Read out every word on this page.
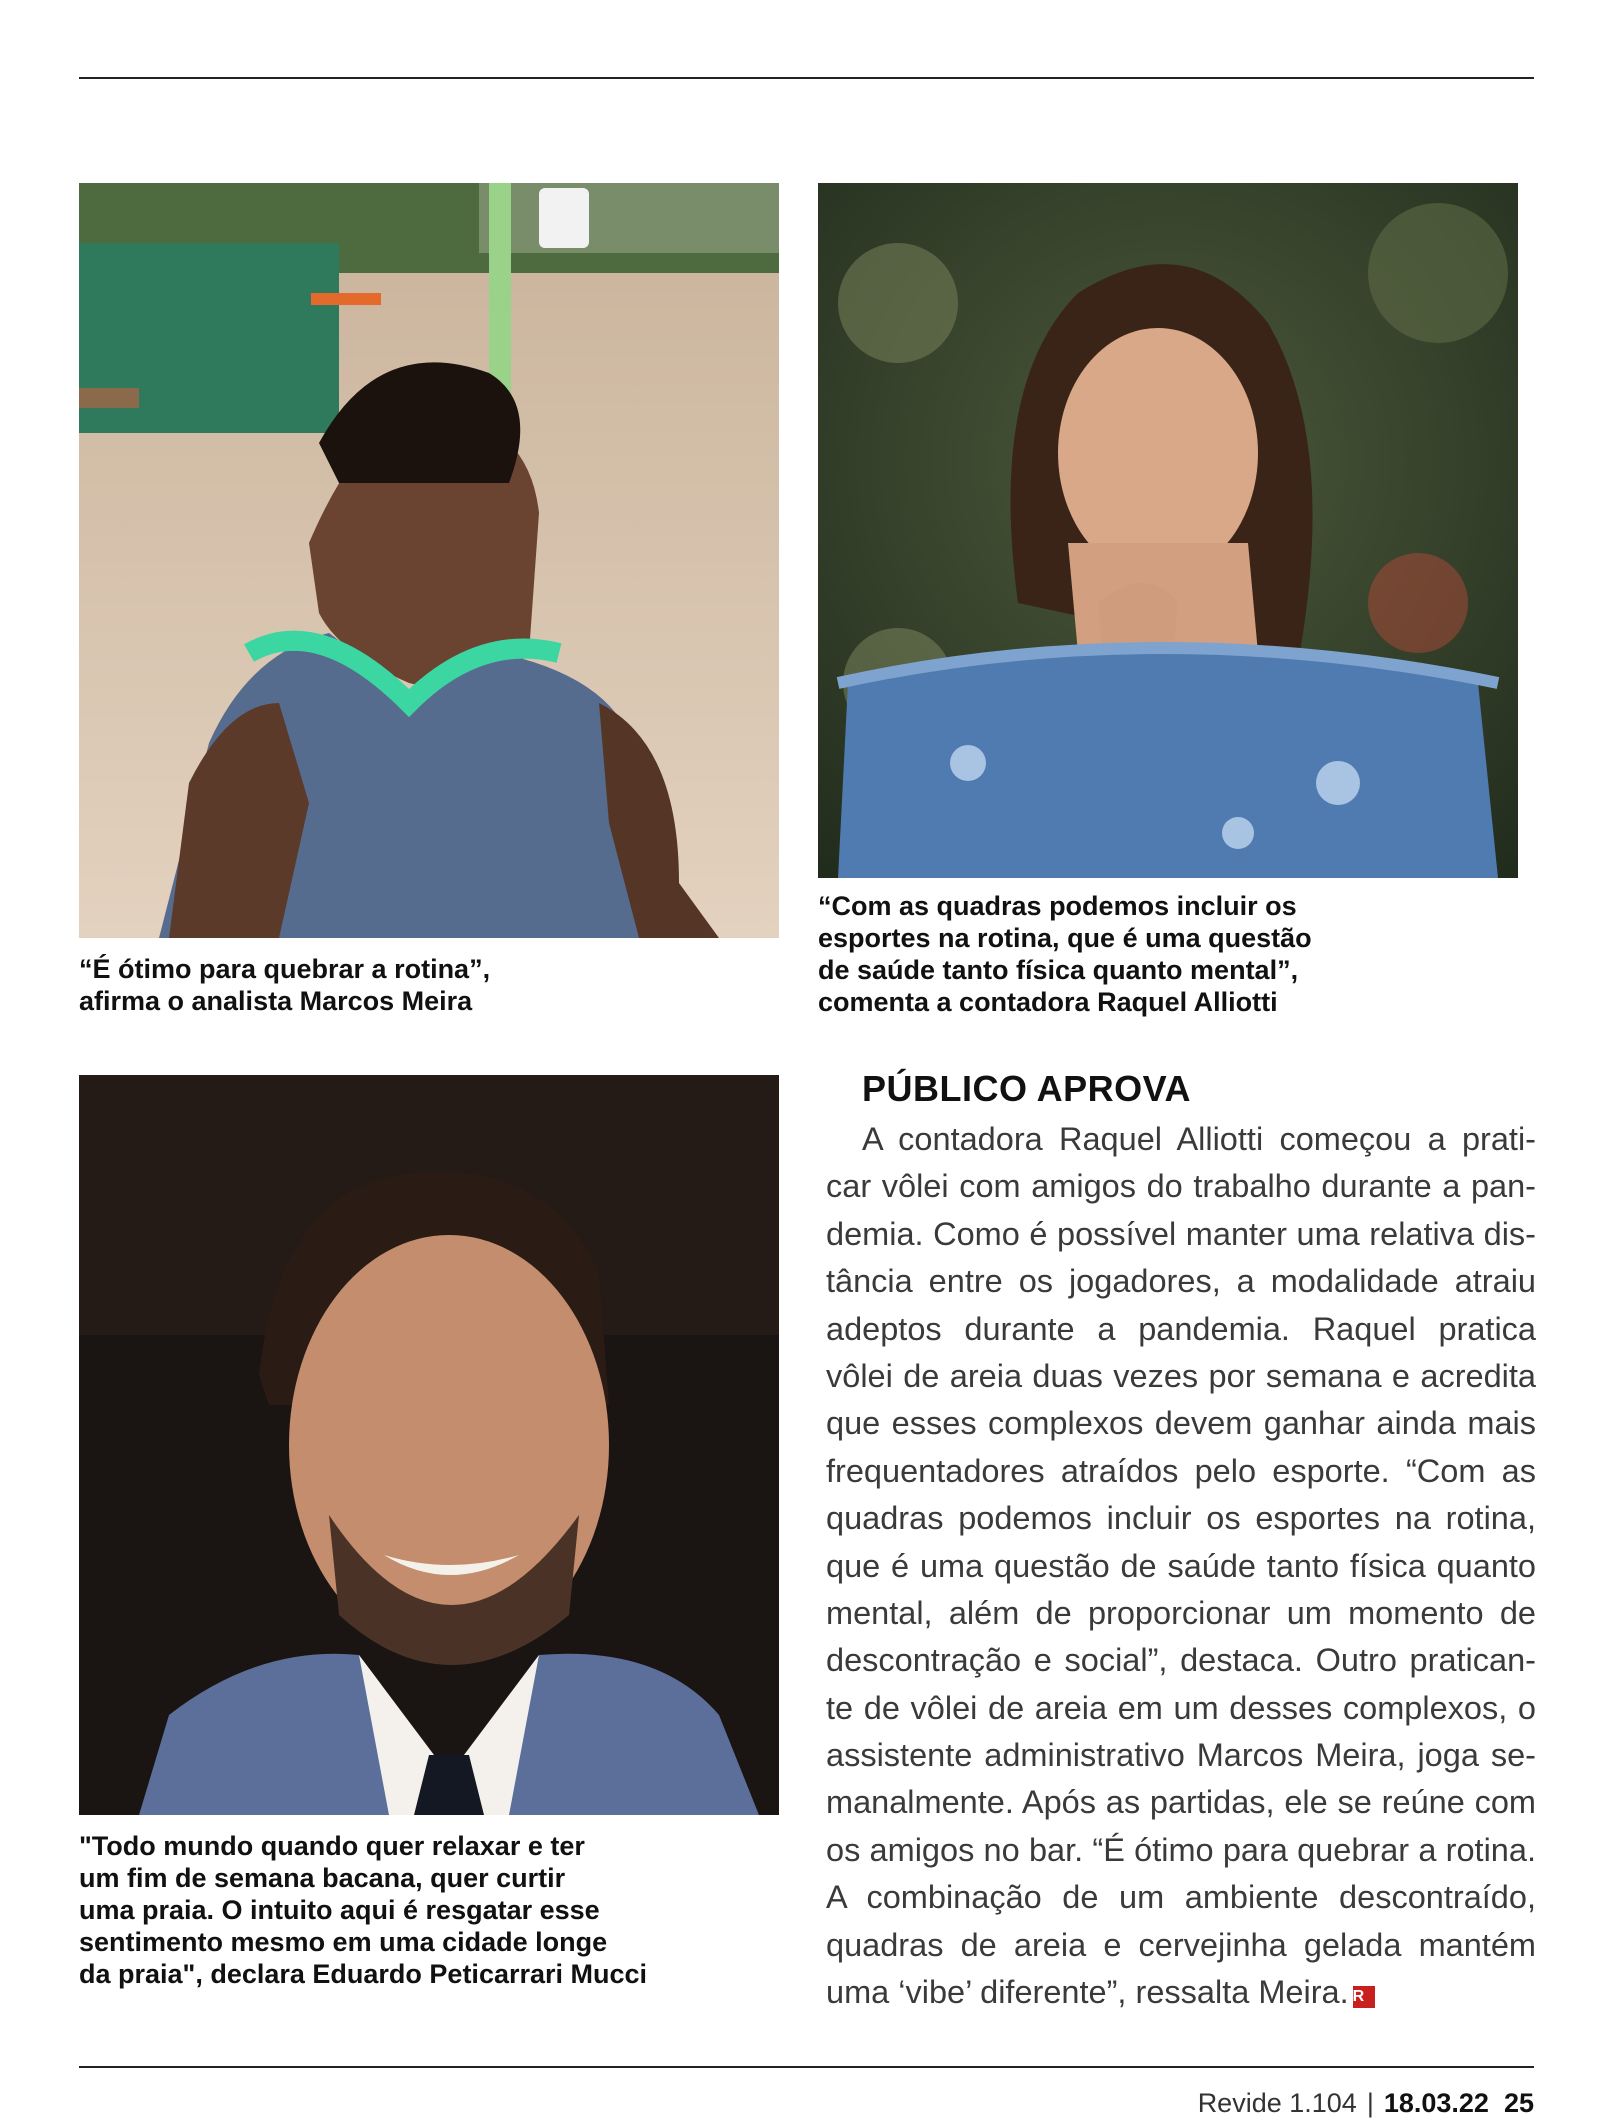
“É ótimo para quebrar a rotina”,
afirma o analista Marcos Meira
“Com as quadras podemos incluir os
esportes na rotina, que é uma questão
de saúde tanto física quanto mental”,
comenta a contadora Raquel Alliotti
"Todo mundo quando quer relaxar e ter
um fim de semana bacana, quer curtir
uma praia. O intuito aqui é resgatar esse
sentimento mesmo em uma cidade longe
da praia", declara Eduardo Peticarrari Mucci
PÚBLICO APROVA
A contadora Raquel Alliotti começou a prati-
car vôlei com amigos do trabalho durante a pan-
demia. Como é possível manter uma relativa dis-
tância entre os jogadores, a modalidade atraiu
adeptos durante a pandemia. Raquel pratica
vôlei de areia duas vezes por semana e acredita
que esses complexos devem ganhar ainda mais
frequentadores atraídos pelo esporte. “Com as
quadras podemos incluir os esportes na rotina,
que é uma questão de saúde tanto física quanto
mental, além de proporcionar um momento de
descontração e social”, destaca. Outro pratican-
te de vôlei de areia em um desses complexos, o
assistente administrativo Marcos Meira, joga se-
manalmente. Após as partidas, ele se reúne com
os amigos no bar. “É ótimo para quebrar a rotina.
A combinação de um ambiente descontraído,
quadras de areia e cervejinha gelada mantém
uma ‘vibe’ diferente”, ressalta Meira. R
Revide 1.104 | 18.03.22 25
